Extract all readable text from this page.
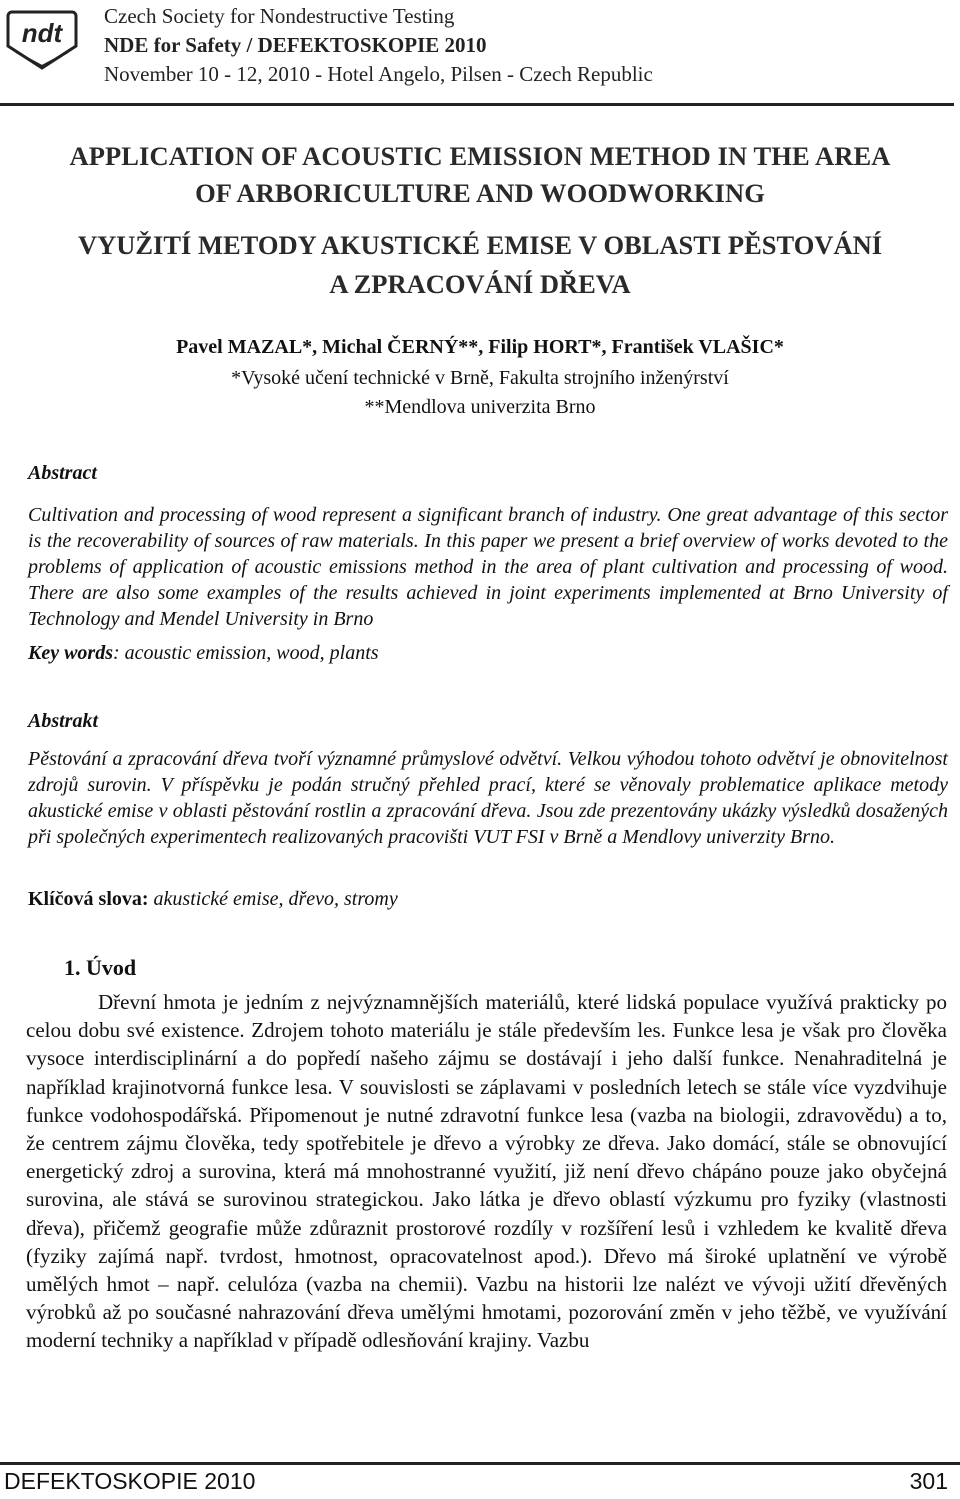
ndt
Czech Society for Nondestructive Testing
NDE for Safety / DEFEKTOSKOPIE 2010
November 10 - 12, 2010 - Hotel Angelo, Pilsen - Czech Republic
APPLICATION OF ACOUSTIC EMISSION METHOD IN THE AREA
OF ARBORICULTURE AND WOODWORKING
VYUŽITÍ METODY AKUSTICKÉ EMISE V OBLASTI PĚSTOVÁNÍ
A ZPRACOVÁNÍ DŘEVA
Pavel MAZAL*, Michal ČERNÝ**, Filip HORT*, František VLAŠIC*
*Vysoké učení technické v Brně, Fakulta strojního inženýrství
**Mendlova univerzita Brno
Abstract
Cultivation and processing of wood represent a significant branch of industry. One great advantage of this sector is the recoverability of sources of raw materials. In this paper we present a brief overview of works devoted to the problems of application of acoustic emissions method in the area of plant cultivation and processing of wood. There are also some examples of the results achieved in joint experiments implemented at Brno University of Technology and Mendel University in Brno
Key words: acoustic emission, wood, plants
Abstrakt
Pěstování a zpracování dřeva tvoří významné průmyslové odvětví. Velkou výhodou tohoto odvětví je obnovitelnost zdrojů surovin. V příspěvku je podán stručný přehled prací, které se věnovaly problematice aplikace metody akustické emise v oblasti pěstování rostlin a zpracování dřeva. Jsou zde prezentovány ukázky výsledků dosažených při společných experimentech realizovaných pracovišti VUT FSI v Brně a Mendlovy univerzity Brno.
Klíčová slova: akustické emise, dřevo, stromy
1. Úvod
Dřevní hmota je jedním z nejvýznamnějších materiálů, které lidská populace využívá prakticky po celou dobu své existence. Zdrojem tohoto materiálu je stále především les. Funkce lesa je však pro člověka vysoce interdisciplinární a do popředí našeho zájmu se dostávají i jeho další funkce. Nenahraditelná je například krajinotvorná funkce lesa. V souvislosti se záplavami v posledních letech se stále více vyzdvihuje funkce vodohospodářská. Připomenout je nutné zdravotní funkce lesa (vazba na biologii, zdravovědu) a to, že centrem zájmu člověka, tedy spotřebitele je dřevo a výrobky ze dřeva. Jako domácí, stále se obnovující energetický zdroj a surovina, která má mnohostranné využití, již není dřevo chápáno pouze jako obyčejná surovina, ale stává se surovinou strategickou. Jako látka je dřevo oblastí výzkumu pro fyziky (vlastnosti dřeva), přičemž geografie může zdůraznit prostorové rozdíly v rozšíření lesů i vzhledem ke kvalitě dřeva (fyziky zajímá např. tvrdost, hmotnost, opracovatelnost apod.). Dřevo má široké uplatnění ve výrobě umělých hmot – např. celulóza (vazba na chemii). Vazbu na historii lze nalézt ve vývoji užití dřevěných výrobků až po současné nahrazování dřeva umělými hmotami, pozorování změn v jeho těžbě, ve využívání moderní techniky a například v případě odlesňování krajiny. Vazbu
DEFEKTOSKOPIE 2010	301
